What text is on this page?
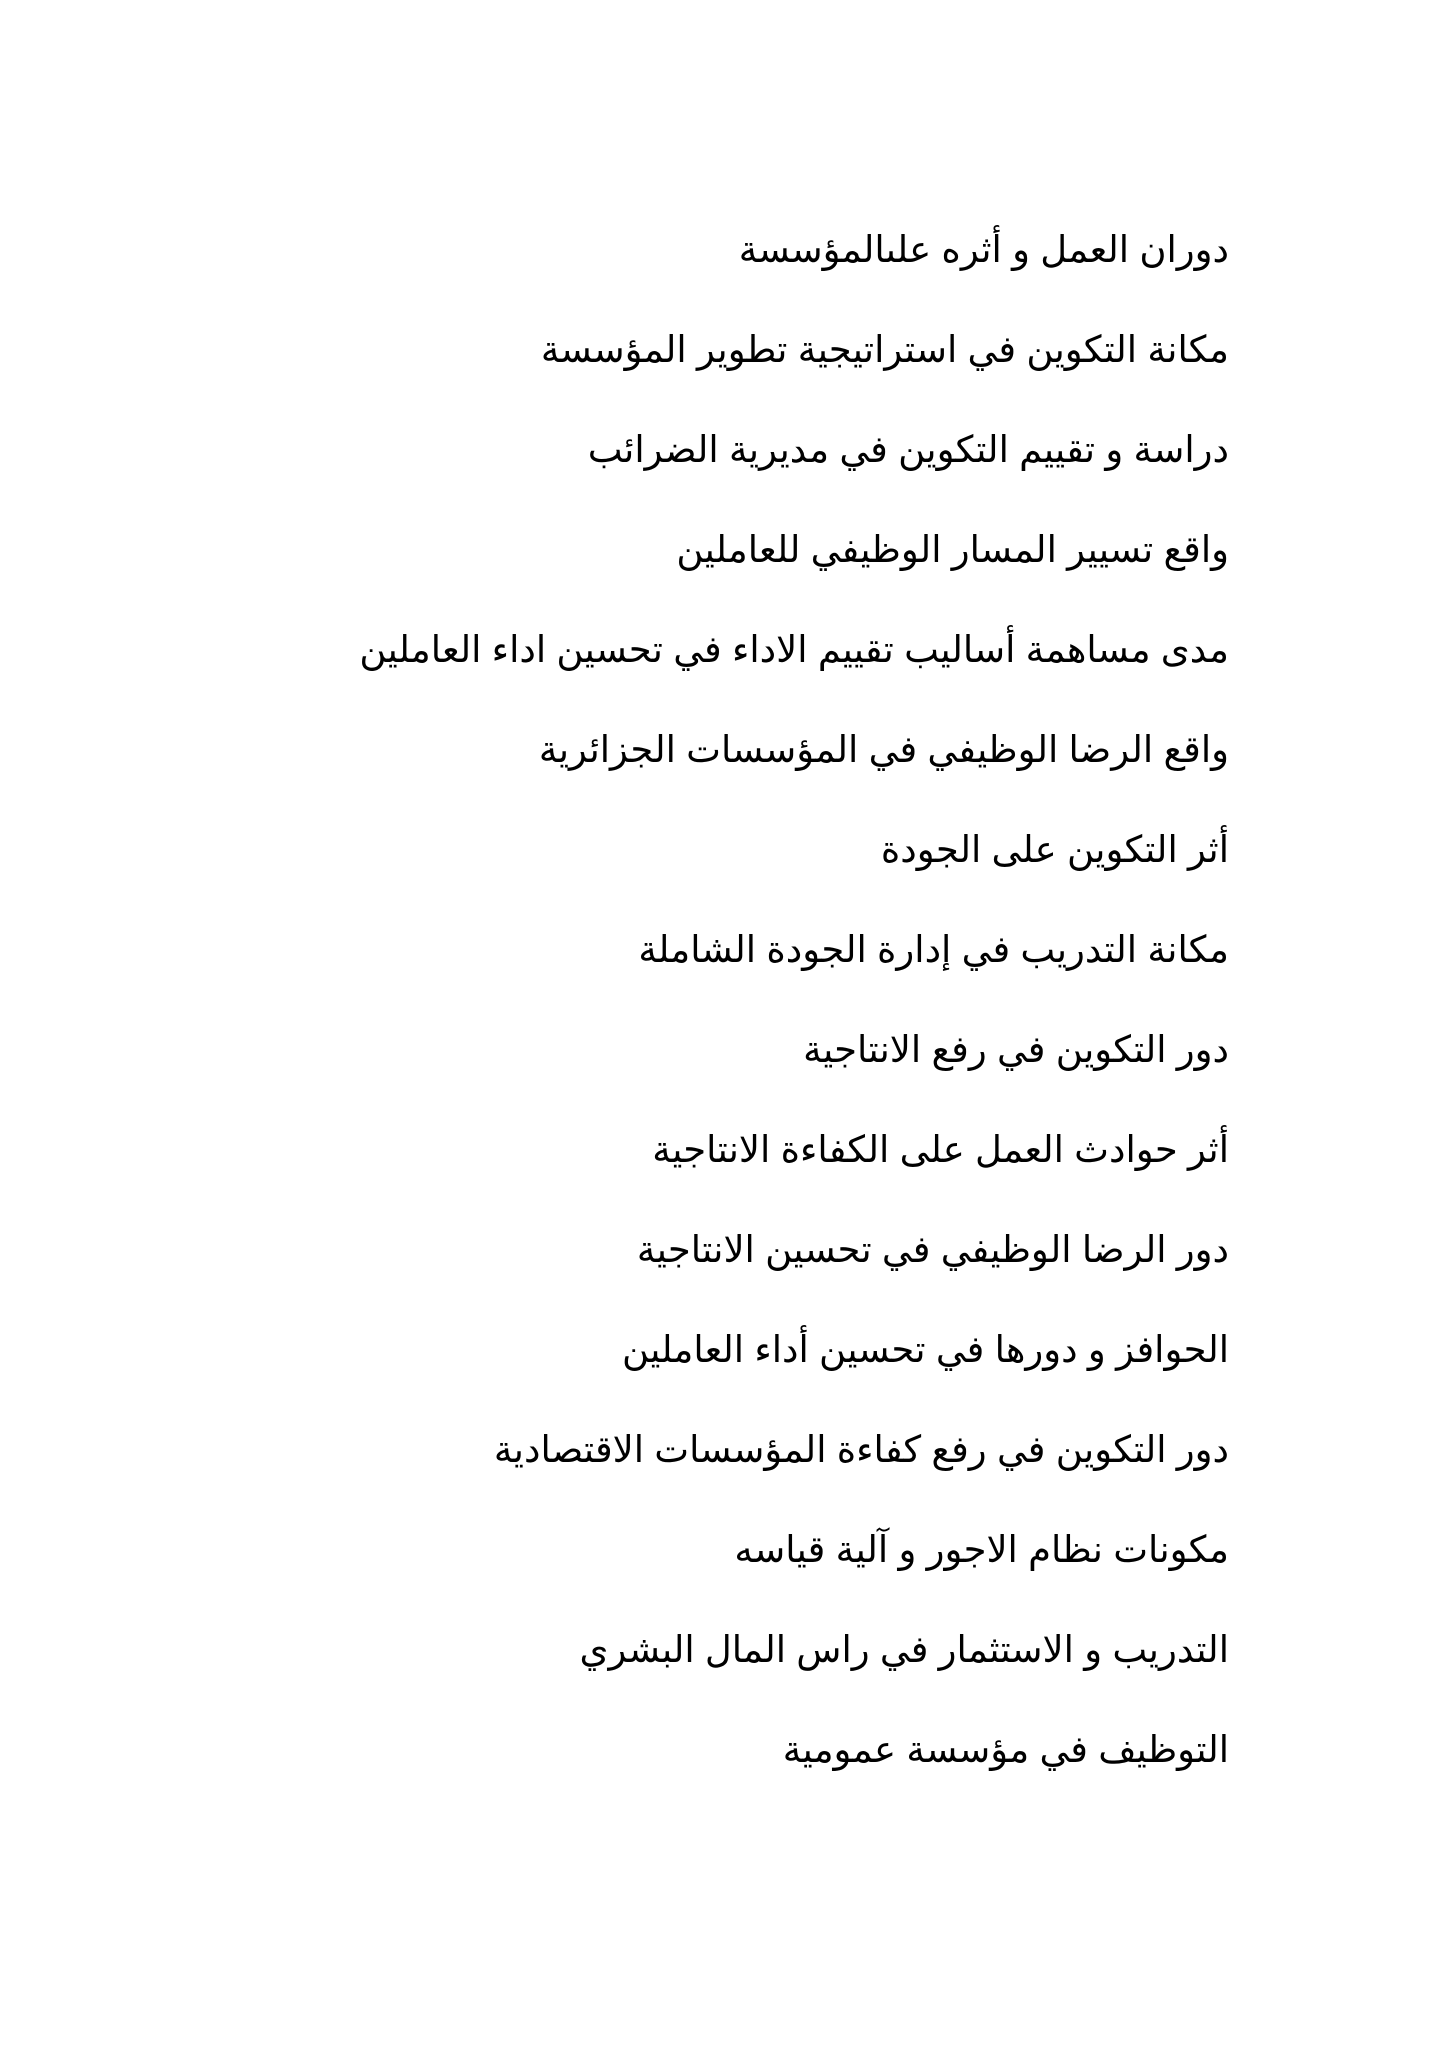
دوران العمل و أثره علىالمؤسسة
مكانة التكوين في استراتيجية تطوير المؤسسة
دراسة و تقييم التكوين في مديرية الضرائب
واقع تسيير المسار الوظيفي للعاملين
مدى مساهمة أساليب تقييم الاداء في تحسين اداء العاملين
واقع الرضا الوظيفي في المؤسسات الجزائرية
أثر التكوين على الجودة
مكانة التدريب في إدارة الجودة الشاملة
دور التكوين في رفع الانتاجية
أثر حوادث العمل على الكفاءة الانتاجية
دور الرضا الوظيفي في تحسين الانتاجية
الحوافز و دورها في تحسين أداء العاملين
دور التكوين في رفع كفاءة المؤسسات الاقتصادية
مكونات نظام الاجور و آلية قياسه
التدريب و الاستثمار في راس المال البشري
التوظيف في مؤسسة عمومية
